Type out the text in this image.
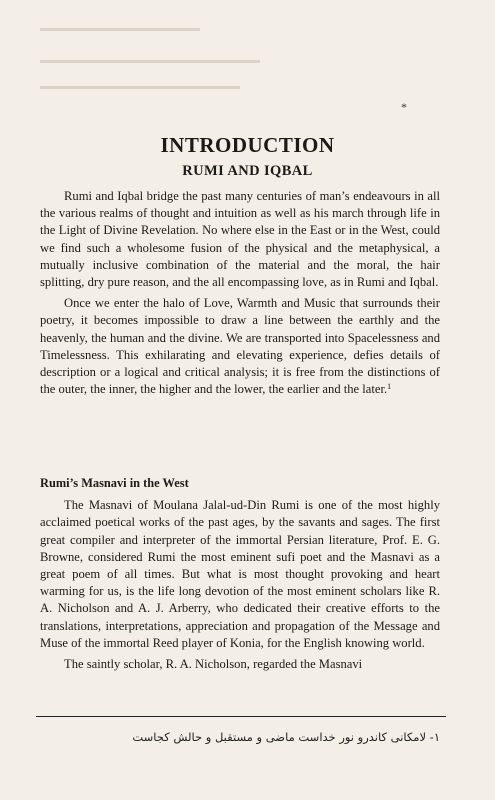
*
INTRODUCTION
RUMI AND IQBAL

Rumi and Iqbal bridge the past many centuries of man’s endeavours in all the various realms of thought and intuition as well as his march through life in the Light of Divine Revelation. No where else in the East or in the West, could we find such a wholesome fusion of the physical and the metaphysical, a mutually inclusive combination of the material and the moral, the hair splitting, dry pure reason, and the all encompassing love, as in Rumi and Iqbal.

Once we enter the halo of Love, Warmth and Music that surrounds their poetry, it becomes impossible to draw a line between the earthly and the heavenly, the human and the divine. We are transported into Spacelessness and Timelessness. This exhilarating and elevating experience, defies details of description or a logical and critical analysis; it is free from the distinctions of the outer, the inner, the higher and the lower, the earlier and the later.$^1$

Rumi’s Masnavi in the West

The Masnavi of Moulana Jalal-ud-Din Rumi is one of the most highly acclaimed poetical works of the past ages, by the savants and sages. The first great compiler and interpreter of the immortal Persian literature, Prof. E. G. Browne, considered Rumi the most eminent sufi poet and the Masnavi as a great poem of all times. But what is most thought provoking and heart warming for us, is the life long devotion of the most eminent scholars like R. A. Nicholson and A. J. Arberry, who dedicated their creative efforts to the translations, interpretations, appreciation and propagation of the Message and Muse of the immortal Reed player of Konia, for the English knowing world.

The saintly scholar, R. A. Nicholson, regarded the Masnavi

۱- لامکانی کاندرو نور خداست ماضی و مستقبل و حالش کجاست
